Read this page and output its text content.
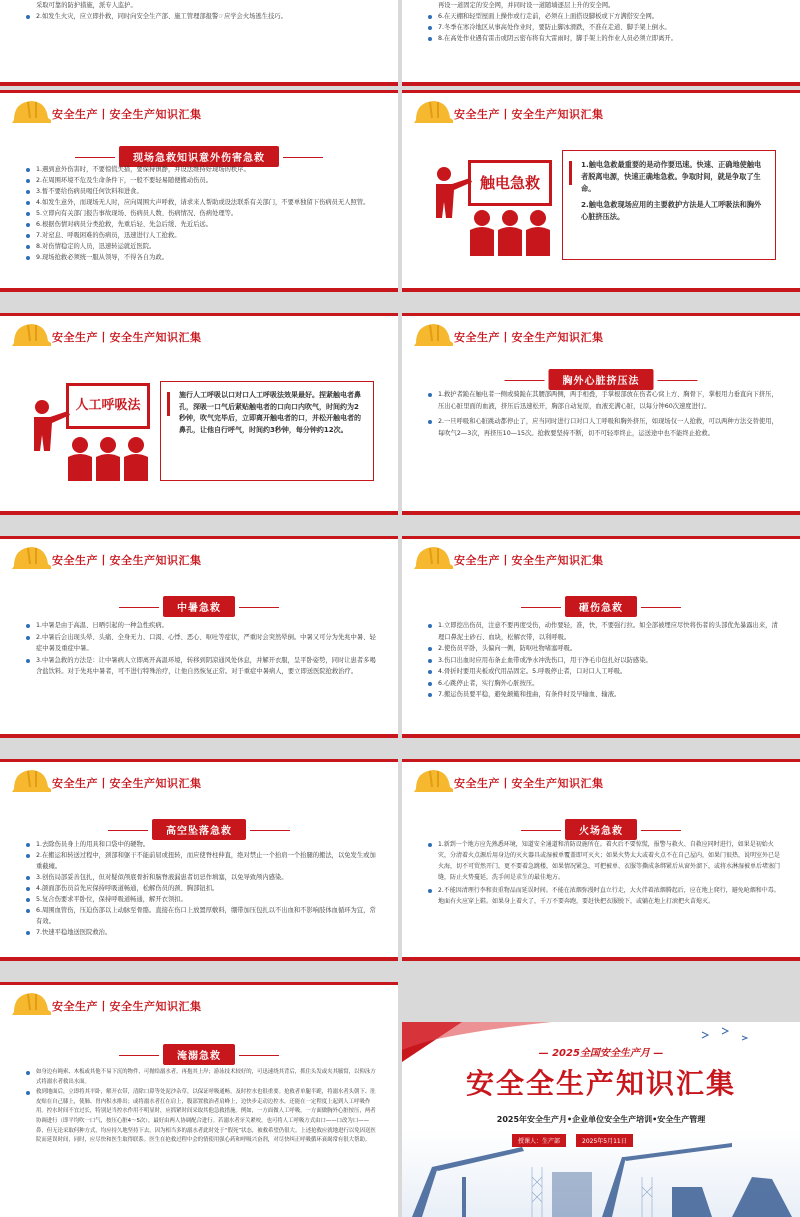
采取可靠的防护措施，派专人监护。
2.如发生火灾，应立即扑救，同时向安全生产部、施工管理部报警☞应学会火场逃生技巧。
再设一道固定的安全网，并同时设一道随墙逐层上升的安全网。
6.在天棚和轻型屋面上操作或行走前，必须在上面搭设脚板或下方满搭安全网。
7.冬季在寒冷地区从事高处作业时，要防止脚冰滑跌，不准在走道、脚手架上倒水。
8.在高处作业遇有雷击或阴云密布将有大雷雨时，脚手架上的作业人员必须立即离开。
安全生产丨安全生产知识汇集
现场急救知识意外伤害急救
1.遇到意外伤害时，不要惊慌失措，要保持镇静，并设法维持好现场的秩序。
2.在周围环境不危及生命条件下，一般不要轻易随便搬动伤员。
3.暂不要给伤病员喝任何饮料和进食。
4.如发生意外，而现场无人时，应向周围大声呼救，请求来人帮助或设法联系有关部门，不要单独留下伤病员无人照管。
5.立即向有关部门报告事故现场、伤病员人数、伤病情况、伤病处理等。
6.根据伤情对病员分类抢救，先重后轻、先急后缓、先近后远。
7.对窒息、呼吸困难的伤病员，迅速进行人工抢救。
8.对伤情稳定的人员，迅速转运就近医院。
9.现场抢救必须统一服从领导，不得各自为政。
安全生产丨安全生产知识汇集
触电急救
1.触电急救最重要的是动作要迅速。快速、正确地使触电者脱离电源，快速正确地急救。争取时间，就是争取了生命。
2.触电急救现场应用的主要救护方法是人工呼吸法和胸外心脏挤压法。
安全生产丨安全生产知识汇集
人工呼吸法
施行人工呼吸以口对口人工呼吸法效果最好。捏紧触电者鼻孔，深吸一口气后紧贴触电者的口向口内吹气，时间约为2秒钟，吹气完毕后，立即离开触电者的口，并松开触电者的鼻孔，让他自行呼气，时间约3秒钟，每分钟约12次。
安全生产丨安全生产知识汇集
胸外心脏挤压法
1.救护者跪在触电者一侧或骑跪在其腰部两侧，两手相叠，手掌根部放在伤者心窝上方、胸骨下，掌根用力垂直向下挤压，压出心脏里面的血液，挤压后迅速松开，胸部自动复原，血液充满心脏，以每分钟60次速度进行。
2.一旦呼吸和心脏跳动都停止了，应当同时进行口对口人工呼吸和胸外挤压，如现场仅一人抢救，可以两种方法交替使用，每吹气2—3次，再挤压10—15次。抢救要坚持不断，切不可轻率终止，运送途中也不能终止抢救。
安全生产丨安全生产知识汇集
中暑急救
1.中暑是由于高温、日晒引起的一种急性疾病。
2.中暑后会出现头晕、头痛、全身无力、口渴、心悸、恶心、呕吐等症状，严重时会突然晕倒。中暑又可分为先兆中暑、轻症中暑及重症中暑。
3.中暑急救的方法是：让中暑病人立即离开高温环境，转移到阴凉通风处休息，并解开衣服，呈平卧姿势，同时让患者多喝含盐饮料。对于先兆中暑者，可不进行特殊治疗，让他自然恢复正常。对于重症中暑病人，要立即送医院抢救治疗。
安全生产丨安全生产知识汇集
砸伤急救
1.立即挖出伤员，注意不要再度受伤，动作要轻，准，快，不要强行拉。如全部被埋应尽快将伤者的头部优先暴露出来，清理口鼻泥土砂石、血块，松解衣带，以利呼吸。
2.使伤员平卧，头偏向一侧，防呕吐物堵塞呼吸。
3.伤口出血时应用布条止血带或净水冲洗伤口，用干净毛巾包扎好以防感染。
4.骨折时要用夹板或代用品固定。5.呼吸停止者，口对口人工呼吸。
6.心跳停止者，实行胸外心脏按压。
7.搬运伤员要平稳，避免颠簸和扭曲，有条件时及早输血、输液。
安全生产丨安全生产知识汇集
高空坠落急救
1.去除伤员身上的用具和口袋中的硬物。
2.在搬运和转送过程中，颈部和躯干不能前屈或扭转，而应使脊柱伸直，绝对禁止一个抬肩一个抬腿的搬法，以免发生或加重截瘫。
3.创伤局部妥善包扎，但对疑似颅底骨折和脑脊液漏患者切忌作填塞，以免导致颅内感染。
4.颌面部伤员首先应保持呼吸道畅通，松解伤员的颈、胸部钮扣。
5.复合伤要求平卧位，保持呼吸道畅通，解开衣领扣。
6.周围血管伤，压迫伤部以上动脉至骨骼。直接在伤口上放置厚敷料，绷带加压包扎以不出血和不影响肢体血循环为宜，常有效。
7.快速平稳地送医院救治。
安全生产丨安全生产知识汇集
火场急救
1.新到一个地方应先熟悉环境，知道安全通道和消防设施所在。着火后不要惊慌，报警与救火、自救应同时进行，如果是初始火灾，分清着火点源后用身边的灭火器具或湿被单覆盖即可灭火；如果火势太大或着火点不在自己屋内，如果门很热，说明室外已是火海，切不可贸然开门，更不要着急跳楼，如果情况紧急，可把被单、衣服等撕成条绑紧后从窗外溜下，或将水淋湿被单后堵塞门缝，防止火势蔓延，洗手间是求生的最佳地方。
2.不能因清理行李和贵重物品而延误时间。不能在浓烟弥漫时直立行走，大火伴着浓烟腾起后，应在地上爬行，避免呛烟和中毒。地面有火应穿上鞋。如果身上着火了，千万不要奔跑，要赶快把衣服脱下，或躺在地上打滚把火苗熄灭。
安全生产丨安全生产知识汇集
淹溺急救
如身边有绳索、木板或其他不易下沉的物件，可抛给溺水者，再抱其上岸；游泳技术较好的，可迅速绕其背后，抓住头发或夹其腋窝，以仰泳方式将溺水者救出水面。
救到地面后，立即将其平卧，解开衣带，清除口鼻等处泥沙杂草，以保证呼吸通畅，及时控水也很重要。抢救者单腿半跪，将溺水者头朝下、肚皮贴在自己膝上，使肺、胃内积水排出；或将溺水者扛在肩上，腹部置救治者肩峰上，边快步走动边控水，还能在一定程度上起到人工呼吸作用。控水时间不宜过长，特别是当控水作用不明显时，应抓紧时间采取其他急救措施。例如，一方面做人工呼吸，一方面做胸外心脏按压，两者协调进行（即平均吹一口气，按压心脏4～5次），最好由两人协调配合进行。若溺水者牙关紧咬，也可将人工呼吸方式由口——口改为口——鼻，但无论采取何种方式，均应持久地坚持下去。因为相当多的溺水者此时处于“假死”状态，被救希望仍很大。上述抢救应就地进行以免因送医院而延误时间，同时，应尽快和医生取得联系。医生在抢救过程中会的情使用强心药和呼吸兴奋剂，对尽快纠正呼吸循环衰竭常有很大帮助。
— 2025全国安全生产月 —
安全全生产知识汇集
2025年安全生产月•企业单位安全生产培训•安全生产管理
授课人：生产部	2025年5月11日
